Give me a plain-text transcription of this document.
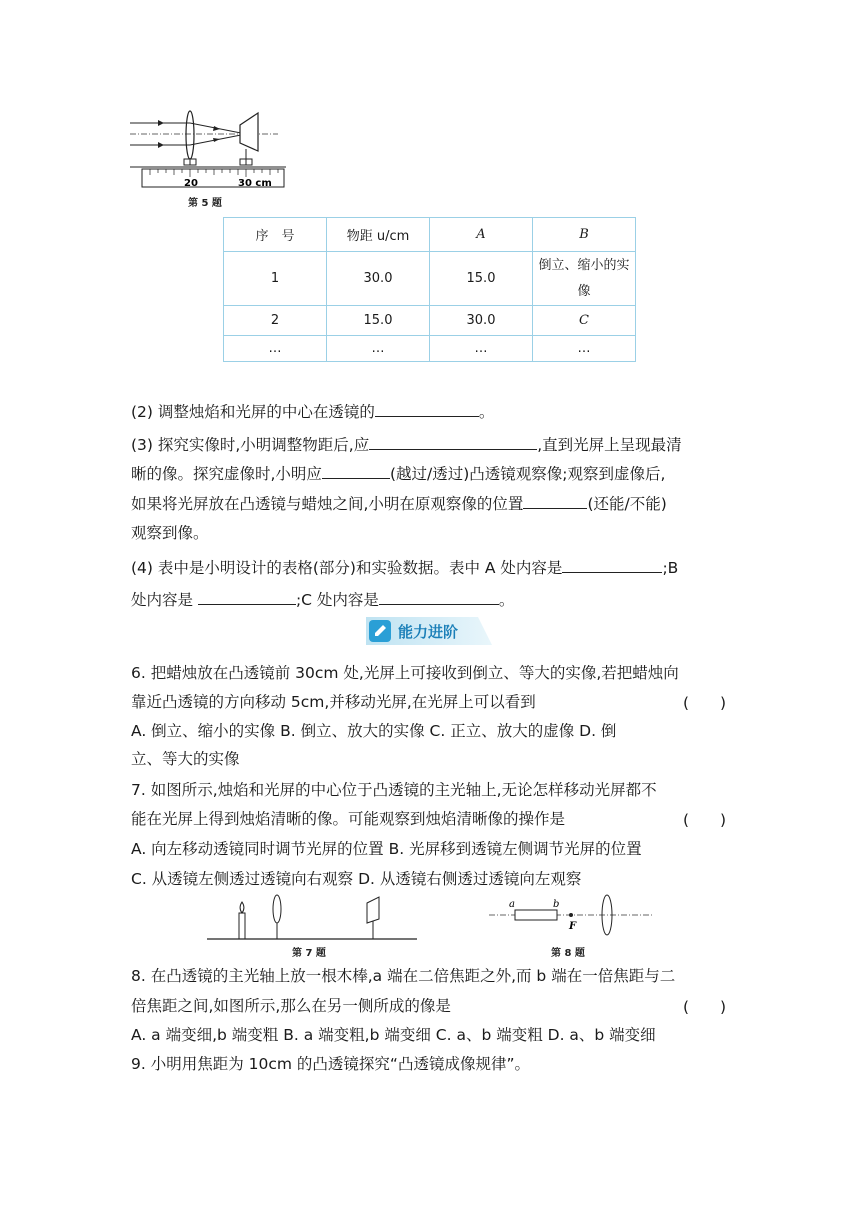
20	30 cm
第 5 题
序　号	物距 u/cm	A	B
1	30.0	15.0	倒立、缩小的实像
2	15.0	30.0	C
…	…	…	…
(2) 调整烛焰和光屏的中心在透镜的	。
(3) 探究实像时,小明调整物距后,应	,直到光屏上呈现最清
晰的像。探究虚像时,小明应	(越过∕透过)凸透镜观察像;观察到虚像后,
如果将光屏放在凸透镜与蜡烛之间,小明在原观察像的位置	(还能∕不能)
观察到像。
(4) 表中是小明设计的表格(部分)和实验数据。表中 A 处内容是	;B
处内容是	;C 处内容是	。
能力进阶
6. 把蜡烛放在凸透镜前 30cm 处,光屏上可接收到倒立、等大的实像,若把蜡烛向
靠近凸透镜的方向移动 5cm,并移动光屏,在光屏上可以看到	(　　)
A. 倒立、缩小的实像 B. 倒立、放大的实像 C. 正立、放大的虚像 D. 倒
立、等大的实像
7. 如图所示,烛焰和光屏的中心位于凸透镜的主光轴上,无论怎样移动光屏都不
能在光屏上得到烛焰清晰的像。可能观察到烛焰清晰像的操作是	(　　)
A. 向左移动透镜同时调节光屏的位置 B. 光屏移到透镜左侧调节光屏的位置
C. 从透镜左侧透过透镜向右观察 D. 从透镜右侧透过透镜向左观察
第 7 题
a	b
F
第 8 题
8. 在凸透镜的主光轴上放一根木棒,a 端在二倍焦距之外,而 b 端在一倍焦距与二
倍焦距之间,如图所示,那么在另一侧所成的像是	(　　)
A. a 端变细,b 端变粗 B. a 端变粗,b 端变细 C. a、b 端变粗 D. a、b 端变细
9. 小明用焦距为 10cm 的凸透镜探究“凸透镜成像规律”。
